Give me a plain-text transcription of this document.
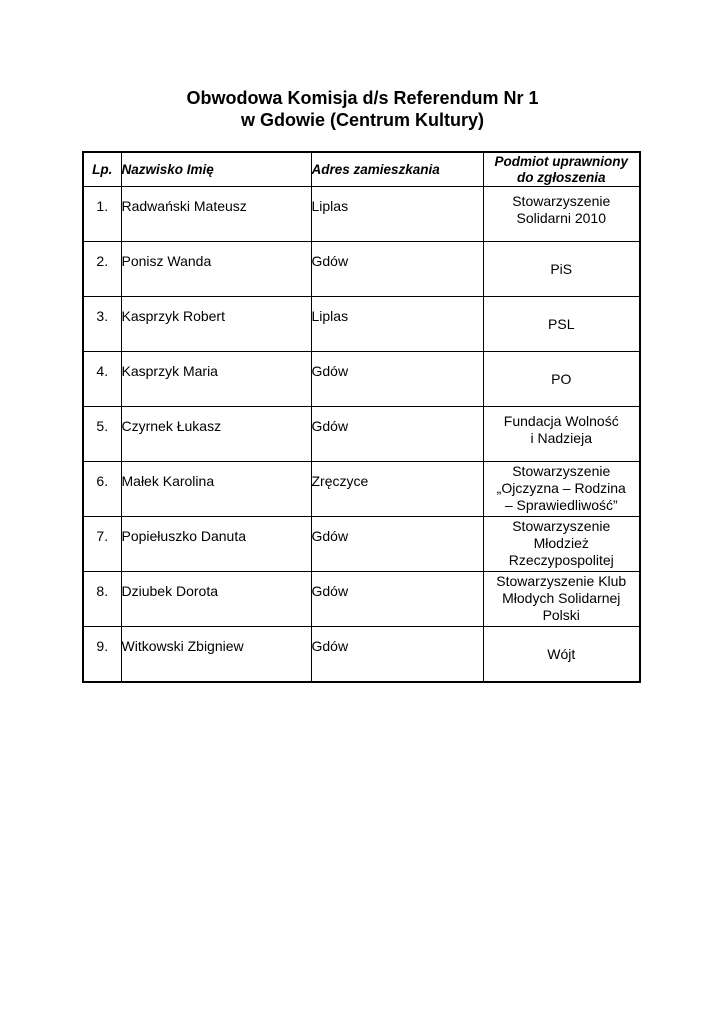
Obwodowa Komisja d/s Referendum Nr 1
w Gdowie (Centrum Kultury)
Lp.	Nazwisko Imię	Adres zamieszkania	Podmiot uprawniony
do zgłoszenia

1.	Radwański Mateusz	Liplas	Stowarzyszenie
Solidarni 2010

2.	Ponisz Wanda	Gdów	PiS

3.	Kasprzyk Robert	Liplas	PSL

4.	Kasprzyk Maria	Gdów	PO

5.	Czyrnek Łukasz	Gdów	Fundacja Wolność
i Nadzieja

6.	Małek Karolina	Zręczyce	Stowarzyszenie
„Ojczyzna – Rodzina
– Sprawiedliwość”

7.	Popiełuszko Danuta	Gdów	Stowarzyszenie
Młodzież
Rzeczypospolitej

8.	Dziubek Dorota	Gdów	Stowarzyszenie Klub
Młodych Solidarnej
Polski

9.	Witkowski Zbigniew	Gdów	Wójt
